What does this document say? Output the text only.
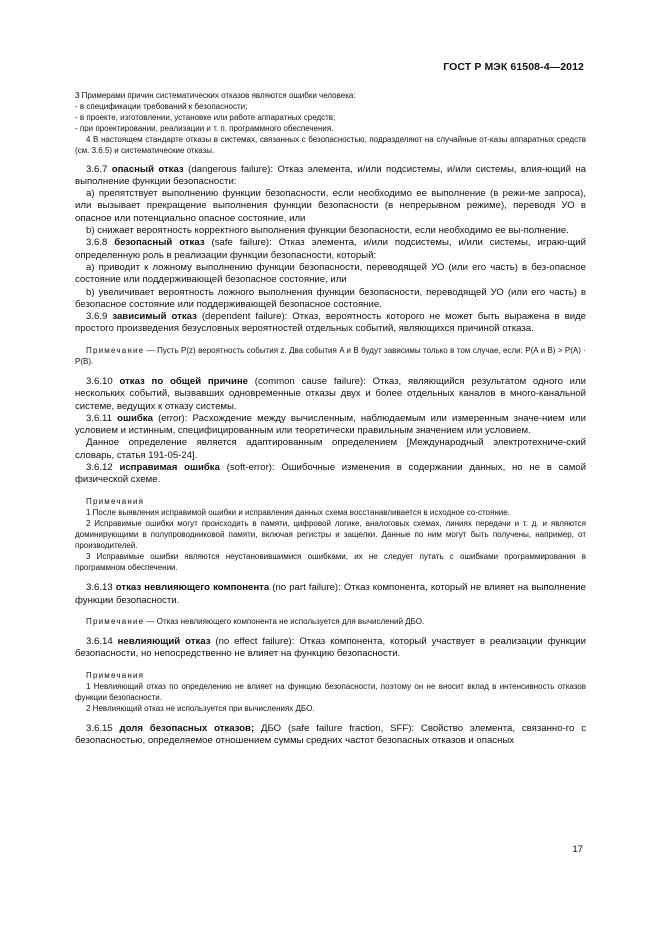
ГОСТ Р МЭК 61508-4—2012

3 Примерами причин систематических отказов являются ошибки человека:

- в спецификации требований к безопасности;

- в проекте, изготовлении, установке или работе аппаратных средств;

- при проектировании, реализации и т. п. программного обеспечения.

4 В настоящем стандарте отказы в системах, связанных с безопасностью, подразделяют на случайные от-казы аппаратных средств (см. 3.6.5) и систематические отказы.

3.6.7 опасный отказ (dangerous failure): Отказ элемента, и/или подсистемы, и/или системы, влия-ющий на выполнение функции безопасности:

а) препятствует выполнению функции безопасности, если необходимо ее выполнение (в режи-ме запроса), или вызывает прекращение выполнения функции безопасности (в непрерывном режиме), переводя УО в опасное или потенциально опасное состояние, или

b) снижает вероятность корректного выполнения функции безопасности, если необходимо ее вы-полнение.

3.6.8 безопасный отказ (safe failure): Отказ элемента, и/или подсистемы, и/или системы, играю-щий определенную роль в реализации функции безопасности, который:

а) приводит к ложному выполнению функции безопасности, переводящей УО (или его часть) в без-опасное состояние или поддерживающей безопасное состояние, или

b) увеличивает вероятность ложного выполнения функции безопасности, переводящей УО (или его часть) в безопасное состояние или поддерживающей безопасное состояние.

3.6.9 зависимый отказ (dependent failure): Отказ, вероятность которого не может быть выражена в виде простого произведения безусловных вероятностей отдельных событий, являющихся причиной отказа.

Примечание — Пусть P(z) вероятность события z. Два события A и B будут зависимы только в том случае, если: P(A и B) > P(A) · P(B).

3.6.10 отказ по общей причине (common cause failure): Отказ, являющийся результатом одного или нескольких событий, вызвавших одновременные отказы двух и более отдельных каналов в много-канальной системе, ведущих к отказу системы.

3.6.11 ошибка (error): Расхождение между вычисленным, наблюдаемым или измеренным значе-нием или условием и истинным, специфицированным или теоретически правильным значением или условием.

Данное определение является адаптированным определением [Международный электротехниче-ский словарь, статья 191-05-24].

3.6.12 исправимая ошибка (soft-error): Ошибочные изменения в содержании данных, но не в самой физической схеме.

Примечания

1 После выявления исправимой ошибки и исправления данных схема восстанавливается в исходное со-стояние.

2 Исправимые ошибки могут происходить в памяти, цифровой логике, аналоговых схемах, линиях передачи и т. д. и являются доминирующими в полупроводниковой памяти, включая регистры и защелки. Данные по ним могут быть получены, например, от производителей.

3 Исправимые ошибки являются неустановившимися ошибками, их не следует путать с ошибками программирования в программном обеспечении.

3.6.13 отказ невлияющего компонента (no part failure): Отказ компонента, который не влияет на выполнение функции безопасности.

Примечание — Отказ невлияющего компонента не используется для вычислений ДБО.

3.6.14 невлияющий отказ (no effect failure): Отказ компонента, который участвует в реализации функции безопасности, но непосредственно не влияет на функцию безопасности.

Примечания

1 Невлияющий отказ по определению не влияет на функцию безопасности, поэтому он не вносит вклад в интенсивность отказов функции безопасности.

2 Невлияющий отказ не используется при вычислениях ДБО.

3.6.15 доля безопасных отказов; ДБО (safe failure fraction, SFF): Свойство элемента, связанно-го с безопасностью, определяемое отношением суммы средних частот безопасных отказов и опасных

17
